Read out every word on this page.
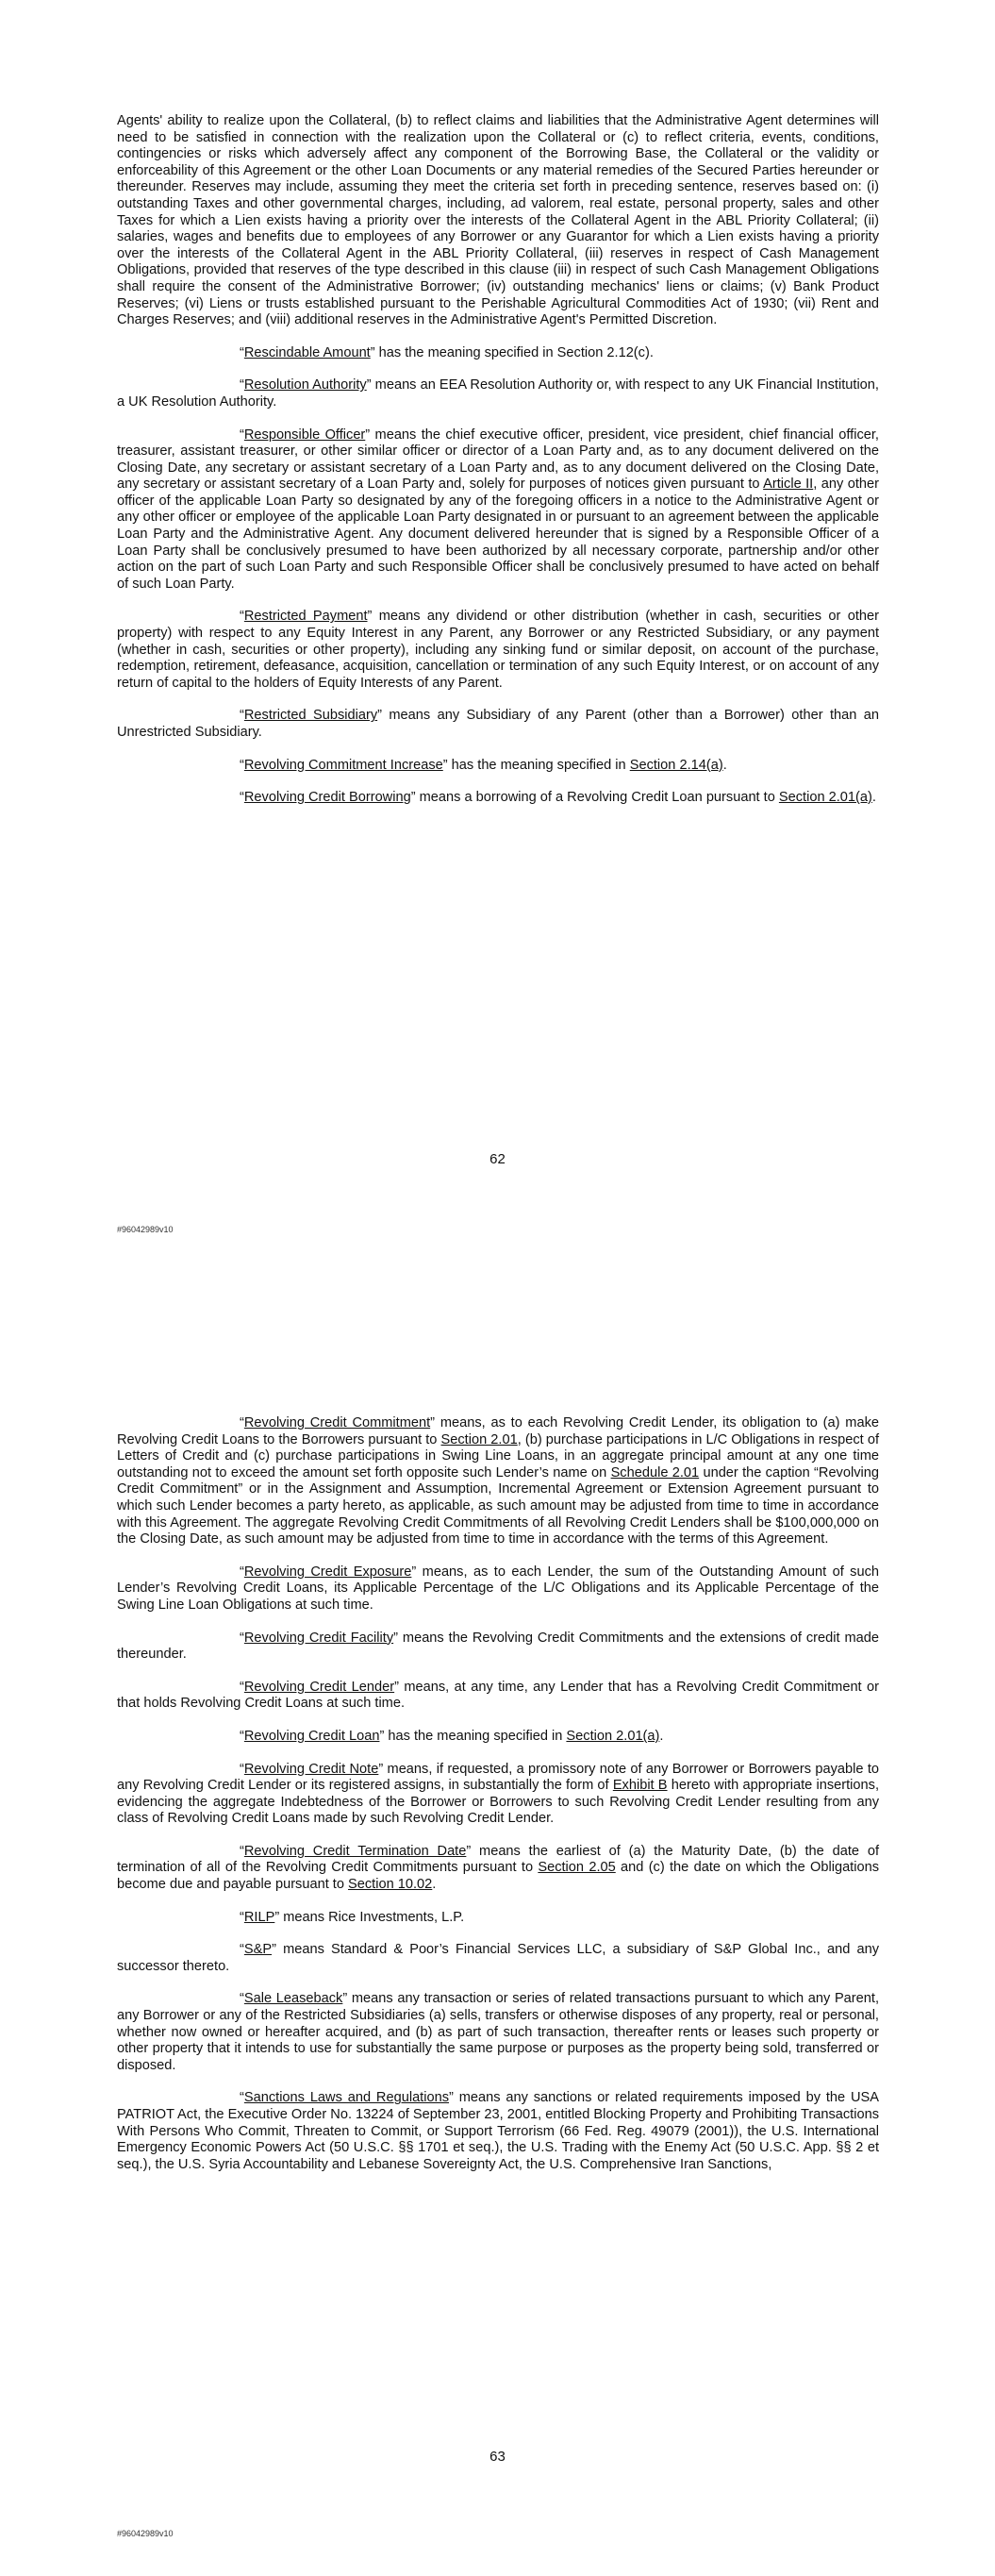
Agents' ability to realize upon the Collateral, (b) to reflect claims and liabilities that the Administrative Agent determines will need to be satisfied in connection with the realization upon the Collateral or (c) to reflect criteria, events, conditions, contingencies or risks which adversely affect any component of the Borrowing Base, the Collateral or the validity or enforceability of this Agreement or the other Loan Documents or any material remedies of the Secured Parties hereunder or thereunder. Reserves may include, assuming they meet the criteria set forth in preceding sentence, reserves based on: (i) outstanding Taxes and other governmental charges, including, ad valorem, real estate, personal property, sales and other Taxes for which a Lien exists having a priority over the interests of the Collateral Agent in the ABL Priority Collateral; (ii) salaries, wages and benefits due to employees of any Borrower or any Guarantor for which a Lien exists having a priority over the interests of the Collateral Agent in the ABL Priority Collateral, (iii) reserves in respect of Cash Management Obligations, provided that reserves of the type described in this clause (iii) in respect of such Cash Management Obligations shall require the consent of the Administrative Borrower; (iv) outstanding mechanics' liens or claims; (v) Bank Product Reserves; (vi) Liens or trusts established pursuant to the Perishable Agricultural Commodities Act of 1930; (vii) Rent and Charges Reserves; and (viii) additional reserves in the Administrative Agent's Permitted Discretion.

“Rescindable Amount” has the meaning specified in Section 2.12(c).

“Resolution Authority” means an EEA Resolution Authority or, with respect to any UK Financial Institution, a UK Resolution Authority.

“Responsible Officer” means the chief executive officer, president, vice president, chief financial officer, treasurer, assistant treasurer, or other similar officer or director of a Loan Party and, as to any document delivered on the Closing Date, any secretary or assistant secretary of a Loan Party and, as to any document delivered on the Closing Date, any secretary or assistant secretary of a Loan Party and, solely for purposes of notices given pursuant to Article II, any other officer of the applicable Loan Party so designated by any of the foregoing officers in a notice to the Administrative Agent or any other officer or employee of the applicable Loan Party designated in or pursuant to an agreement between the applicable Loan Party and the Administrative Agent. Any document delivered hereunder that is signed by a Responsible Officer of a Loan Party shall be conclusively presumed to have been authorized by all necessary corporate, partnership and/or other action on the part of such Loan Party and such Responsible Officer shall be conclusively presumed to have acted on behalf of such Loan Party.

“Restricted Payment” means any dividend or other distribution (whether in cash, securities or other property) with respect to any Equity Interest in any Parent, any Borrower or any Restricted Subsidiary, or any payment (whether in cash, securities or other property), including any sinking fund or similar deposit, on account of the purchase, redemption, retirement, defeasance, acquisition, cancellation or termination of any such Equity Interest, or on account of any return of capital to the holders of Equity Interests of any Parent.

“Restricted Subsidiary” means any Subsidiary of any Parent (other than a Borrower) other than an Unrestricted Subsidiary.

“Revolving Commitment Increase” has the meaning specified in Section 2.14(a).

“Revolving Credit Borrowing” means a borrowing of a Revolving Credit Loan pursuant to Section 2.01(a).

62
#96042989v10

“Revolving Credit Commitment” means, as to each Revolving Credit Lender, its obligation to (a) make Revolving Credit Loans to the Borrowers pursuant to Section 2.01, (b) purchase participations in L/C Obligations in respect of Letters of Credit and (c) purchase participations in Swing Line Loans, in an aggregate principal amount at any one time outstanding not to exceed the amount set forth opposite such Lender’s name on Schedule 2.01 under the caption “Revolving Credit Commitment” or in the Assignment and Assumption, Incremental Agreement or Extension Agreement pursuant to which such Lender becomes a party hereto, as applicable, as such amount may be adjusted from time to time in accordance with this Agreement. The aggregate Revolving Credit Commitments of all Revolving Credit Lenders shall be $100,000,000 on the Closing Date, as such amount may be adjusted from time to time in accordance with the terms of this Agreement.

“Revolving Credit Exposure” means, as to each Lender, the sum of the Outstanding Amount of such Lender’s Revolving Credit Loans, its Applicable Percentage of the L/C Obligations and its Applicable Percentage of the Swing Line Loan Obligations at such time.

“Revolving Credit Facility” means the Revolving Credit Commitments and the extensions of credit made thereunder.

“Revolving Credit Lender” means, at any time, any Lender that has a Revolving Credit Commitment or that holds Revolving Credit Loans at such time.

“Revolving Credit Loan” has the meaning specified in Section 2.01(a).

“Revolving Credit Note” means, if requested, a promissory note of any Borrower or Borrowers payable to any Revolving Credit Lender or its registered assigns, in substantially the form of Exhibit B hereto with appropriate insertions, evidencing the aggregate Indebtedness of the Borrower or Borrowers to such Revolving Credit Lender resulting from any class of Revolving Credit Loans made by such Revolving Credit Lender.

“Revolving Credit Termination Date” means the earliest of (a) the Maturity Date, (b) the date of termination of all of the Revolving Credit Commitments pursuant to Section 2.05 and (c) the date on which the Obligations become due and payable pursuant to Section 10.02.

“RILP” means Rice Investments, L.P.

“S&P” means Standard & Poor’s Financial Services LLC, a subsidiary of S&P Global Inc., and any successor thereto.

“Sale Leaseback” means any transaction or series of related transactions pursuant to which any Parent, any Borrower or any of the Restricted Subsidiaries (a) sells, transfers or otherwise disposes of any property, real or personal, whether now owned or hereafter acquired, and (b) as part of such transaction, thereafter rents or leases such property or other property that it intends to use for substantially the same purpose or purposes as the property being sold, transferred or disposed.

“Sanctions Laws and Regulations” means any sanctions or related requirements imposed by the USA PATRIOT Act, the Executive Order No. 13224 of September 23, 2001, entitled Blocking Property and Prohibiting Transactions With Persons Who Commit, Threaten to Commit, or Support Terrorism (66 Fed. Reg. 49079 (2001)), the U.S. International Emergency Economic Powers Act (50 U.S.C. §§ 1701 et seq.), the U.S. Trading with the Enemy Act (50 U.S.C. App. §§ 2 et seq.), the U.S. Syria Accountability and Lebanese Sovereignty Act, the U.S. Comprehensive Iran Sanctions,

63
#96042989v10
